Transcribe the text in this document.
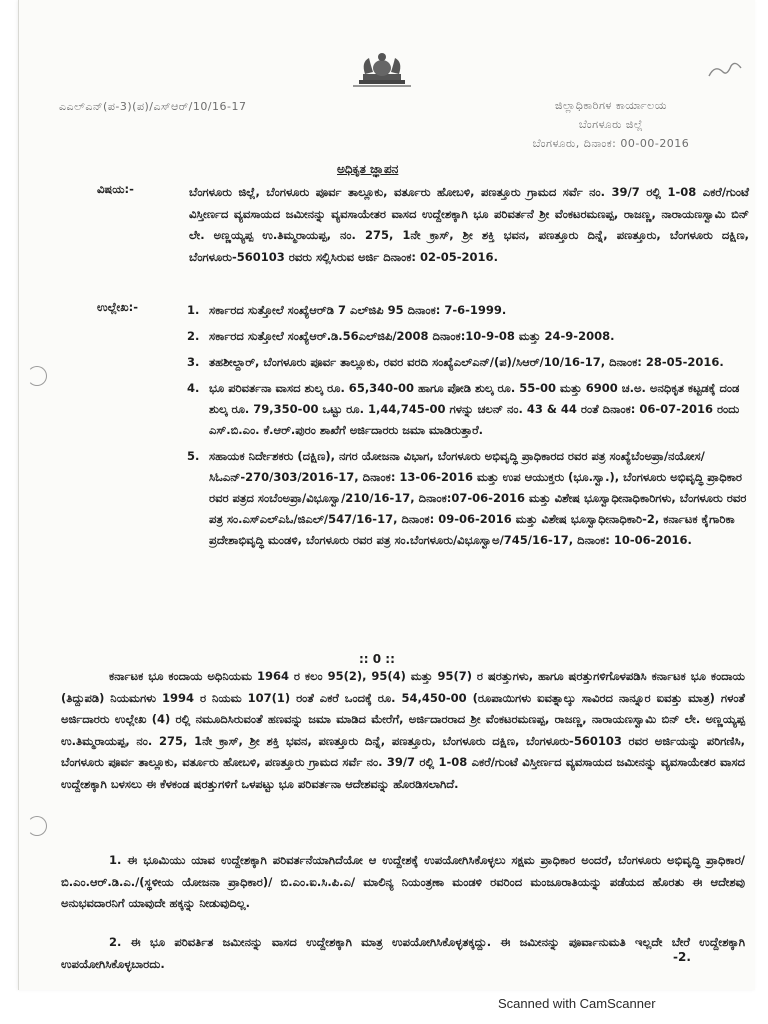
ಎಎಲ್ಎನ್(ಪ-3)(ಪ)/ಎಸ್ಆರ್/10/16-17	ಜಿಲ್ಲಾಧಿಕಾರಿಗಳ ಕಾರ್ಯಾಲಯ
ಬೆಂಗಳೂರು ಜಿಲ್ಲೆ
ಬೆಂಗಳೂರು, ದಿನಾಂಕ: 00-00-2016
ಅಧಿಕೃತ ಜ್ಞಾಪನ
ವಿಷಯ:-	ಬೆಂಗಳೂರು ಜಿಲ್ಲೆ, ಬೆಂಗಳೂರು ಪೂರ್ವ ತಾಲ್ಲೂಕು, ವರ್ತೂರು ಹೋಬಳಿ, ಪಣತ್ತೂರು ಗ್ರಾಮದ ಸರ್ವೆ ನಂ. 39/7 ರಲ್ಲಿ 1-08 ಎಕರೆ/ಗುಂಟೆ ವಿಸ್ತೀರ್ಣದ ವ್ಯವಸಾಯದ ಜಮೀನನ್ನು ವ್ಯವಸಾಯೇತರ ವಾಸದ ಉದ್ದೇಶಕ್ಕಾಗಿ ಭೂ ಪರಿವರ್ತನೆ ಶ್ರೀ ವೆಂಕಟರಮಣಪ್ಪ, ರಾಜಣ್ಣ, ನಾರಾಯಣಸ್ವಾಮಿ ಬಿನ್ ಲೇ. ಅಣ್ಣಯ್ಯಪ್ಪ ಉ.ತಿಮ್ಮರಾಯಪ್ಪ, ನಂ. 275, 1ನೇ ಕ್ರಾಸ್, ಶ್ರೀ ಶಕ್ತಿ ಭವನ, ಪಣತ್ತೂರು ದಿನ್ನೆ, ಪಣತ್ತೂರು, ಬೆಂಗಳೂರು ದಕ್ಷಿಣ, ಬೆಂಗಳೂರು-560103 ರವರು ಸಲ್ಲಿಸಿರುವ ಅರ್ಜಿ ದಿನಾಂಕ: 02-05-2016.
ಉಲ್ಲೇಖ:-	1. ಸರ್ಕಾರದ ಸುತ್ತೋಲೆ ಸಂಖ್ಯೆಆರ್‌ಡಿ 7 ಎಲ್‌ಜಿಪಿ 95 ದಿನಾಂಕ: 7-6-1999.
2. ಸರ್ಕಾರದ ಸುತ್ತೋಲೆ ಸಂಖ್ಯೆಆರ್.ಡಿ.56ಎಲ್‌ಜಿಪಿ/2008 ದಿನಾಂಕ:10-9-08 ಮತ್ತು 24-9-2008.
3. ತಹಶೀಲ್ದಾರ್, ಬೆಂಗಳೂರು ಪೂರ್ವ ತಾಲ್ಲೂಕು, ರವರ ವರದಿ ಸಂಖ್ಯೆಎಲ್ಎನ್/(ಪ)/ಸಿಆರ್/10/16-17, ದಿನಾಂಕ: 28-05-2016.
4. ಭೂ ಪರಿವರ್ತನಾ ವಾಸದ ಶುಲ್ಕ ರೂ. 65,340-00 ಹಾಗೂ ಪೋಡಿ ಶುಲ್ಕ ರೂ. 55-00 ಮತ್ತು 6900 ಚ.ಅ. ಅನಧಿಕೃತ ಕಟ್ಟಡಕ್ಕೆ ದಂಡ ಶುಲ್ಕ ರೂ. 79,350-00 ಒಟ್ಟು ರೂ. 1,44,745-00 ಗಳನ್ನು ಚಲನ್ ನಂ. 43 & 44 ರಂತೆ ದಿನಾಂಕ: 06-07-2016 ರಂದು ಎಸ್.ಬಿ.ಎಂ. ಕೆ.ಆರ್.ಪುರಂ ಶಾಖೆಗೆ ಅರ್ಜಿದಾರರು ಜಮಾ ಮಾಡಿರುತ್ತಾರೆ.
5. ಸಹಾಯಕ ನಿರ್ದೇಶಕರು (ದಕ್ಷಿಣ), ನಗರ ಯೋಜನಾ ವಿಭಾಗ, ಬೆಂಗಳೂರು ಅಭಿವೃದ್ಧಿ ಪ್ರಾಧಿಕಾರದ ರವರ ಪತ್ರ ಸಂಖ್ಯೆಬೆಂಅಪ್ರಾ/ನಯೋಸ/ಸಿಓಎನ್-270/303/2016-17, ದಿನಾಂಕ: 13-06-2016 ಮತ್ತು ಉಪ ಆಯುಕ್ತರು (ಭೂ.ಸ್ವಾ.), ಬೆಂಗಳೂರು ಅಭಿವೃದ್ಧಿ ಪ್ರಾಧಿಕಾರ ರವರ ಪತ್ರದ ಸಂಬೆಂಅಪ್ರಾ/ವಿಭೂಸ್ವಾ/210/16-17, ದಿನಾಂಕ:07-06-2016 ಮತ್ತು ವಿಶೇಷ ಭೂಸ್ವಾಧೀನಾಧಿಕಾರಿಗಳು, ಬೆಂಗಳೂರು ರವರ ಪತ್ರ ಸಂ.ಎಸ್ಎಲ್ಎಓ/ಜಿಎಲ್/547/16-17, ದಿನಾಂಕ: 09-06-2016 ಮತ್ತು ವಿಶೇಷ ಭೂಸ್ವಾಧೀನಾಧಿಕಾರಿ-2, ಕರ್ನಾಟಕ ಕೈಗಾರಿಕಾ ಪ್ರದೇಶಾಭಿವೃದ್ಧಿ ಮಂಡಳಿ, ಬೆಂಗಳೂರು ರವರ ಪತ್ರ ಸಂ.ಬೆಂಗಳೂರು/ವಿಭೂಸ್ವಾಅ/745/16-17, ದಿನಾಂಕ: 10-06-2016.
:: 0 ::
ಕರ್ನಾಟಕ ಭೂ ಕಂದಾಯ ಅಧಿನಿಯಮ 1964 ರ ಕಲಂ 95(2), 95(4) ಮತ್ತು 95(7) ರ ಷರತ್ತುಗಳು, ಹಾಗೂ ಷರತ್ತುಗಳಿಗೊಳಪಡಿಸಿ ಕರ್ನಾಟಕ ಭೂ ಕಂದಾಯ (ತಿದ್ದುಪಡಿ) ನಿಯಮಗಳು 1994 ರ ನಿಯಮ 107(1) ರಂತೆ ಎಕರೆ ಒಂದಕ್ಕೆ ರೂ. 54,450-00 (ರೂಪಾಯಿಗಳು ಐವತ್ನಾಲ್ಕು ಸಾವಿರದ ನಾನ್ನೂರ ಐವತ್ತು ಮಾತ್ರ) ಗಳಂತೆ ಅರ್ಜಿದಾರರು ಉಲ್ಲೇಖ (4) ರಲ್ಲಿ ನಮೂದಿಸಿರುವಂತೆ ಹಣವನ್ನು ಜಮಾ ಮಾಡಿದ ಮೇರೆಗೆ, ಅರ್ಜಿದಾರರಾದ ಶ್ರೀ ವೆಂಕಟರಮಣಪ್ಪ, ರಾಜಣ್ಣ, ನಾರಾಯಣಸ್ವಾಮಿ ಬಿನ್ ಲೇ. ಅಣ್ಣಯ್ಯಪ್ಪ ಉ.ತಿಮ್ಮರಾಯಪ್ಪ, ನಂ. 275, 1ನೇ ಕ್ರಾಸ್, ಶ್ರೀ ಶಕ್ತಿ ಭವನ, ಪಣತ್ತೂರು ದಿನ್ನೆ, ಪಣತ್ತೂರು, ಬೆಂಗಳೂರು ದಕ್ಷಿಣ, ಬೆಂಗಳೂರು-560103 ರವರ ಅರ್ಜಿಯನ್ನು ಪರಿಗಣಿಸಿ, ಬೆಂಗಳೂರು ಪೂರ್ವ ತಾಲ್ಲೂಕು, ವರ್ತೂರು ಹೋಬಳಿ, ಪಣತ್ತೂರು ಗ್ರಾಮದ ಸರ್ವೆ ನಂ. 39/7 ರಲ್ಲಿ 1-08 ಎಕರೆ/ಗುಂಟೆ ವಿಸ್ತೀರ್ಣದ ವ್ಯವಸಾಯದ ಜಮೀನನ್ನು ವ್ಯವಸಾಯೇತರ ವಾಸದ ಉದ್ದೇಶಕ್ಕಾಗಿ ಬಳಸಲು ಈ ಕೆಳಕಂಡ ಷರತ್ತುಗಳಿಗೆ ಒಳಪಟ್ಟು ಭೂ ಪರಿವರ್ತನಾ ಆದೇಶವನ್ನು ಹೊರಡಿಸಲಾಗಿದೆ.
1. ಈ ಭೂಮಿಯು ಯಾವ ಉದ್ದೇಶಕ್ಕಾಗಿ ಪರಿವರ್ತನೆಯಾಗಿದೆಯೋ ಆ ಉದ್ದೇಶಕ್ಕೆ ಉಪಯೋಗಿಸಿಕೊಳ್ಳಲು ಸಕ್ಷಮ ಪ್ರಾಧಿಕಾರ ಅಂದರೆ, ಬೆಂಗಳೂರು ಅಭಿವೃದ್ಧಿ ಪ್ರಾಧಿಕಾರ/ಬಿ.ಎಂ.ಆರ್.ಡಿ.ಎ./(ಸ್ಥಳೀಯ ಯೋಜನಾ ಪ್ರಾಧಿಕಾರ)/ ಬಿ.ಎಂ.ಐ.ಸಿ.ಪಿ.ಎ/ ಮಾಲಿನ್ಯ ನಿಯಂತ್ರಣಾ ಮಂಡಳಿ ರವರಿಂದ ಮಂಜೂರಾತಿಯನ್ನು ಪಡೆಯದ ಹೊರತು ಈ ಆದೇಶವು ಅನುಭವದಾರನಿಗೆ ಯಾವುದೇ ಹಕ್ಕನ್ನು ನೀಡುವುದಿಲ್ಲ.
2. ಈ ಭೂ ಪರಿವರ್ತಿತ ಜಮೀನನ್ನು ವಾಸದ ಉದ್ದೇಶಕ್ಕಾಗಿ ಮಾತ್ರ ಉಪಯೋಗಿಸಿಕೊಳ್ಳತಕ್ಕದ್ದು. ಈ ಜಮೀನನ್ನು ಪೂರ್ವಾನುಮತಿ ಇಲ್ಲದೇ ಬೇರೆ ಉದ್ದೇಶಕ್ಕಾಗಿ ಉಪಯೋಗಿಸಿಕೊಳ್ಳಬಾರದು.	-2.
Scanned with CamScanner
